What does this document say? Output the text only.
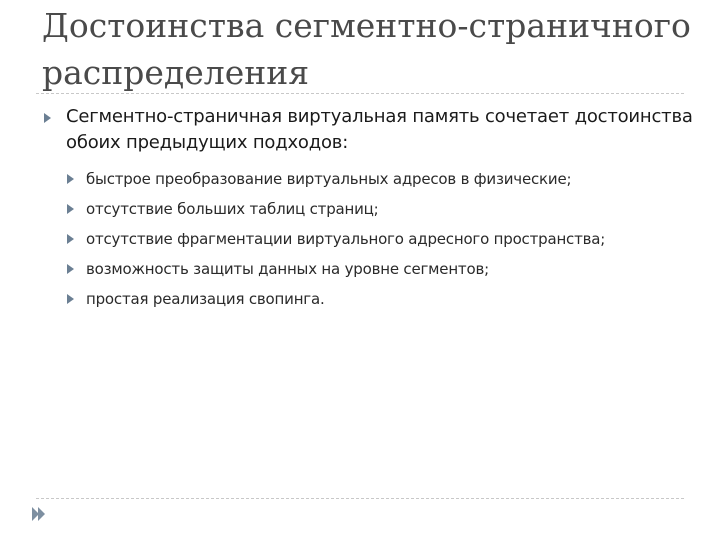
Достоинства сегментно-страничного распределения
Сегментно-страничная виртуальная память сочетает достоинства обоих предыдущих подходов:
быстрое преобразование виртуальных адресов в физические;
отсутствие больших таблиц страниц;
отсутствие фрагментации виртуального адресного пространства;
возможность защиты данных на уровне сегментов;
простая реализация свопинга.
